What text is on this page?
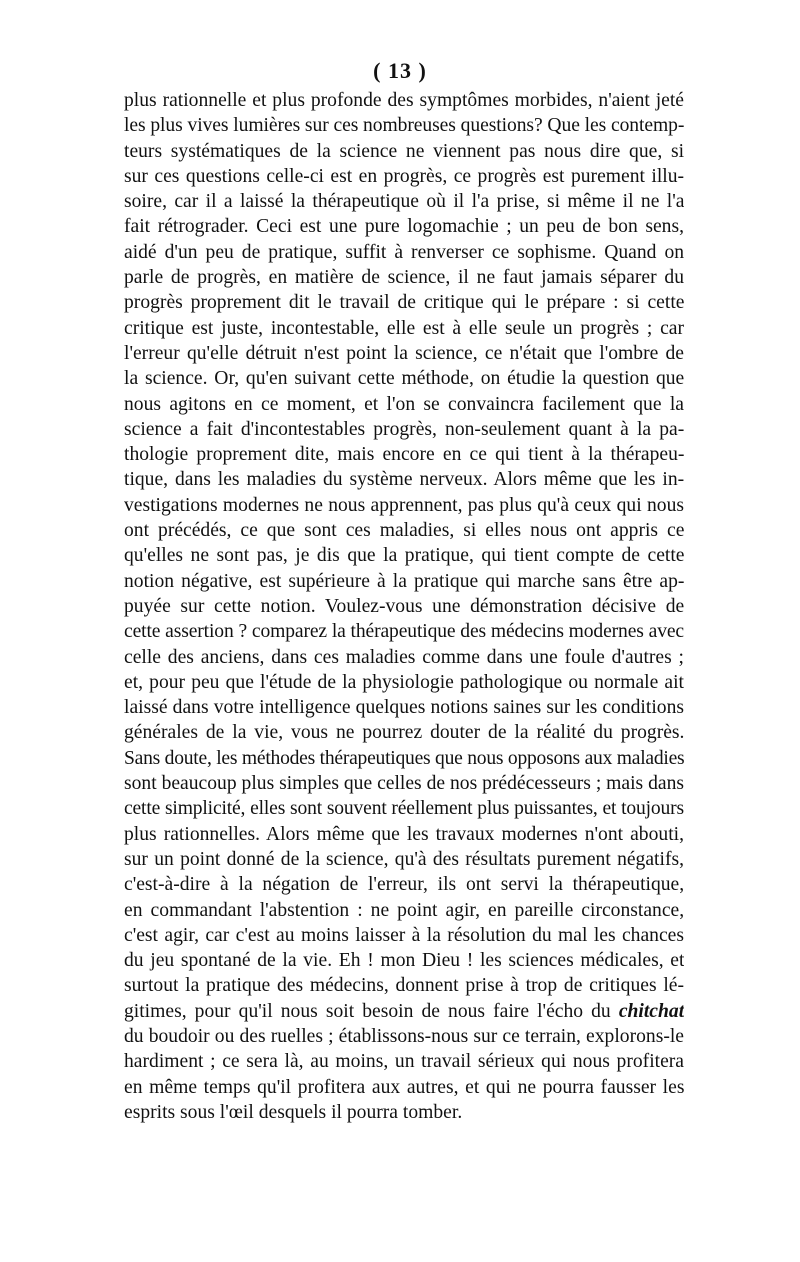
( 13 )
plus rationnelle et plus profonde des symptômes morbides, n'aient jeté
les plus vives lumières sur ces nombreuses questions? Que les contemp-
teurs systématiques de la science ne viennent pas nous dire que, si
sur ces questions celle-ci est en progrès, ce progrès est purement illu-
soire, car il a laissé la thérapeutique où il l'a prise, si même il ne l'a
fait rétrograder. Ceci est une pure logomachie ; un peu de bon sens,
aidé d'un peu de pratique, suffit à renverser ce sophisme. Quand on
parle de progrès, en matière de science, il ne faut jamais séparer du
progrès proprement dit le travail de critique qui le prépare : si cette
critique est juste, incontestable, elle est à elle seule un progrès ; car
l'erreur qu'elle détruit n'est point la science, ce n'était que l'ombre de
la science. Or, qu'en suivant cette méthode, on étudie la question que
nous agitons en ce moment, et l'on se convaincra facilement que la
science a fait d'incontestables progrès, non-seulement quant à la pa-
thologie proprement dite, mais encore en ce qui tient à la thérapeu-
tique, dans les maladies du système nerveux. Alors même que les in-
vestigations modernes ne nous apprennent, pas plus qu'à ceux qui nous
ont précédés, ce que sont ces maladies, si elles nous ont appris ce
qu'elles ne sont pas, je dis que la pratique, qui tient compte de cette
notion négative, est supérieure à la pratique qui marche sans être ap-
puyée sur cette notion. Voulez-vous une démonstration décisive de
cette assertion ? comparez la thérapeutique des médecins modernes avec
celle des anciens, dans ces maladies comme dans une foule d'autres ;
et, pour peu que l'étude de la physiologie pathologique ou normale ait
laissé dans votre intelligence quelques notions saines sur les conditions
générales de la vie, vous ne pourrez douter de la réalité du progrès.
Sans doute, les méthodes thérapeutiques que nous opposons aux maladies
sont beaucoup plus simples que celles de nos prédécesseurs ; mais dans
cette simplicité, elles sont souvent réellement plus puissantes, et toujours
plus rationnelles. Alors même que les travaux modernes n'ont abouti,
sur un point donné de la science, qu'à des résultats purement négatifs,
c'est-à-dire à la négation de l'erreur, ils ont servi la thérapeutique,
en commandant l'abstention : ne point agir, en pareille circonstance,
c'est agir, car c'est au moins laisser à la résolution du mal les chances
du jeu spontané de la vie. Eh ! mon Dieu ! les sciences médicales, et
surtout la pratique des médecins, donnent prise à trop de critiques lé-
gitimes, pour qu'il nous soit besoin de nous faire l'écho du chitchat
du boudoir ou des ruelles ; établissons-nous sur ce terrain, explorons-le
hardiment ; ce sera là, au moins, un travail sérieux qui nous profitera
en même temps qu'il profitera aux autres, et qui ne pourra fausser les
esprits sous l'œil desquels il pourra tomber.
